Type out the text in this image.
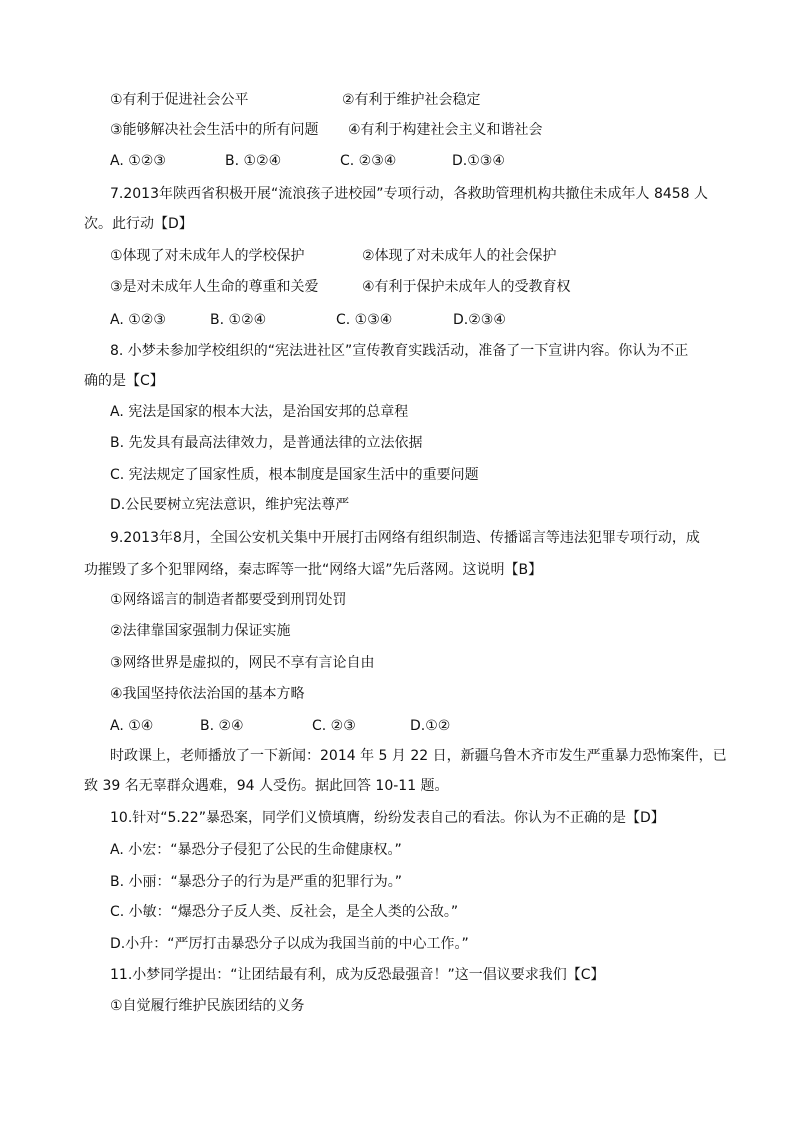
①有利于促进社会公平	②有利于维护社会稳定
③能够解决社会生活中的所有问题 ④有利于构建社会主义和谐社会
A. ①②③	B. ①②④	C. ②③④	D.①③④
7.2013年陕西省积极开展“流浪孩子进校园”专项行动，各救助管理机构共撤住未成年人 8458 人
次。此行动【D】
①体现了对未成年人的学校保护	②体现了对未成年人的社会保护
③是对未成年人生命的尊重和关爱	④有利于保护未成年人的受教育权
A. ①②③	B. ①②④	C. ①③④	D.②③④
8. 小梦未参加学校组织的“宪法进社区”宣传教育实践活动，准备了一下宣讲内容。你认为不正
确的是【C】
A. 宪法是国家的根本大法，是治国安邦的总章程
B. 先发具有最高法律效力，是普通法律的立法依据
C. 宪法规定了国家性质，根本制度是国家生活中的重要问题
D.公民要树立宪法意识，维护宪法尊严
9.2013年8月，全国公安机关集中开展打击网络有组织制造、传播谣言等违法犯罪专项行动，成
功摧毁了多个犯罪网络，秦志晖等一批“网络大谣”先后落网。这说明【B】
①网络谣言的制造者都要受到刑罚处罚
②法律靠国家强制力保证实施
③网络世界是虚拟的，网民不享有言论自由
④我国坚持依法治国的基本方略
A. ①④	B. ②④	C. ②③	D.①②
时政课上，老师播放了一下新闻：2014 年 5 月 22 日，新疆乌鲁木齐市发生严重暴力恐怖案件，已
致 39 名无辜群众遇难，94 人受伤。据此回答 10-11 题。
10.针对“5.22”暴恐案，同学们义愤填膺，纷纷发表自己的看法。你认为不正确的是【D】
A. 小宏：“暴恐分子侵犯了公民的生命健康权。”
B. 小丽：“暴恐分子的行为是严重的犯罪行为。”
C. 小敏：“爆恐分子反人类、反社会，是全人类的公敌。”
D.小升：“严厉打击暴恐分子以成为我国当前的中心工作。”
11.小梦同学提出：“让团结最有利，成为反恐最强音！”这一倡议要求我们【C】
①自觉履行维护民族团结的义务
